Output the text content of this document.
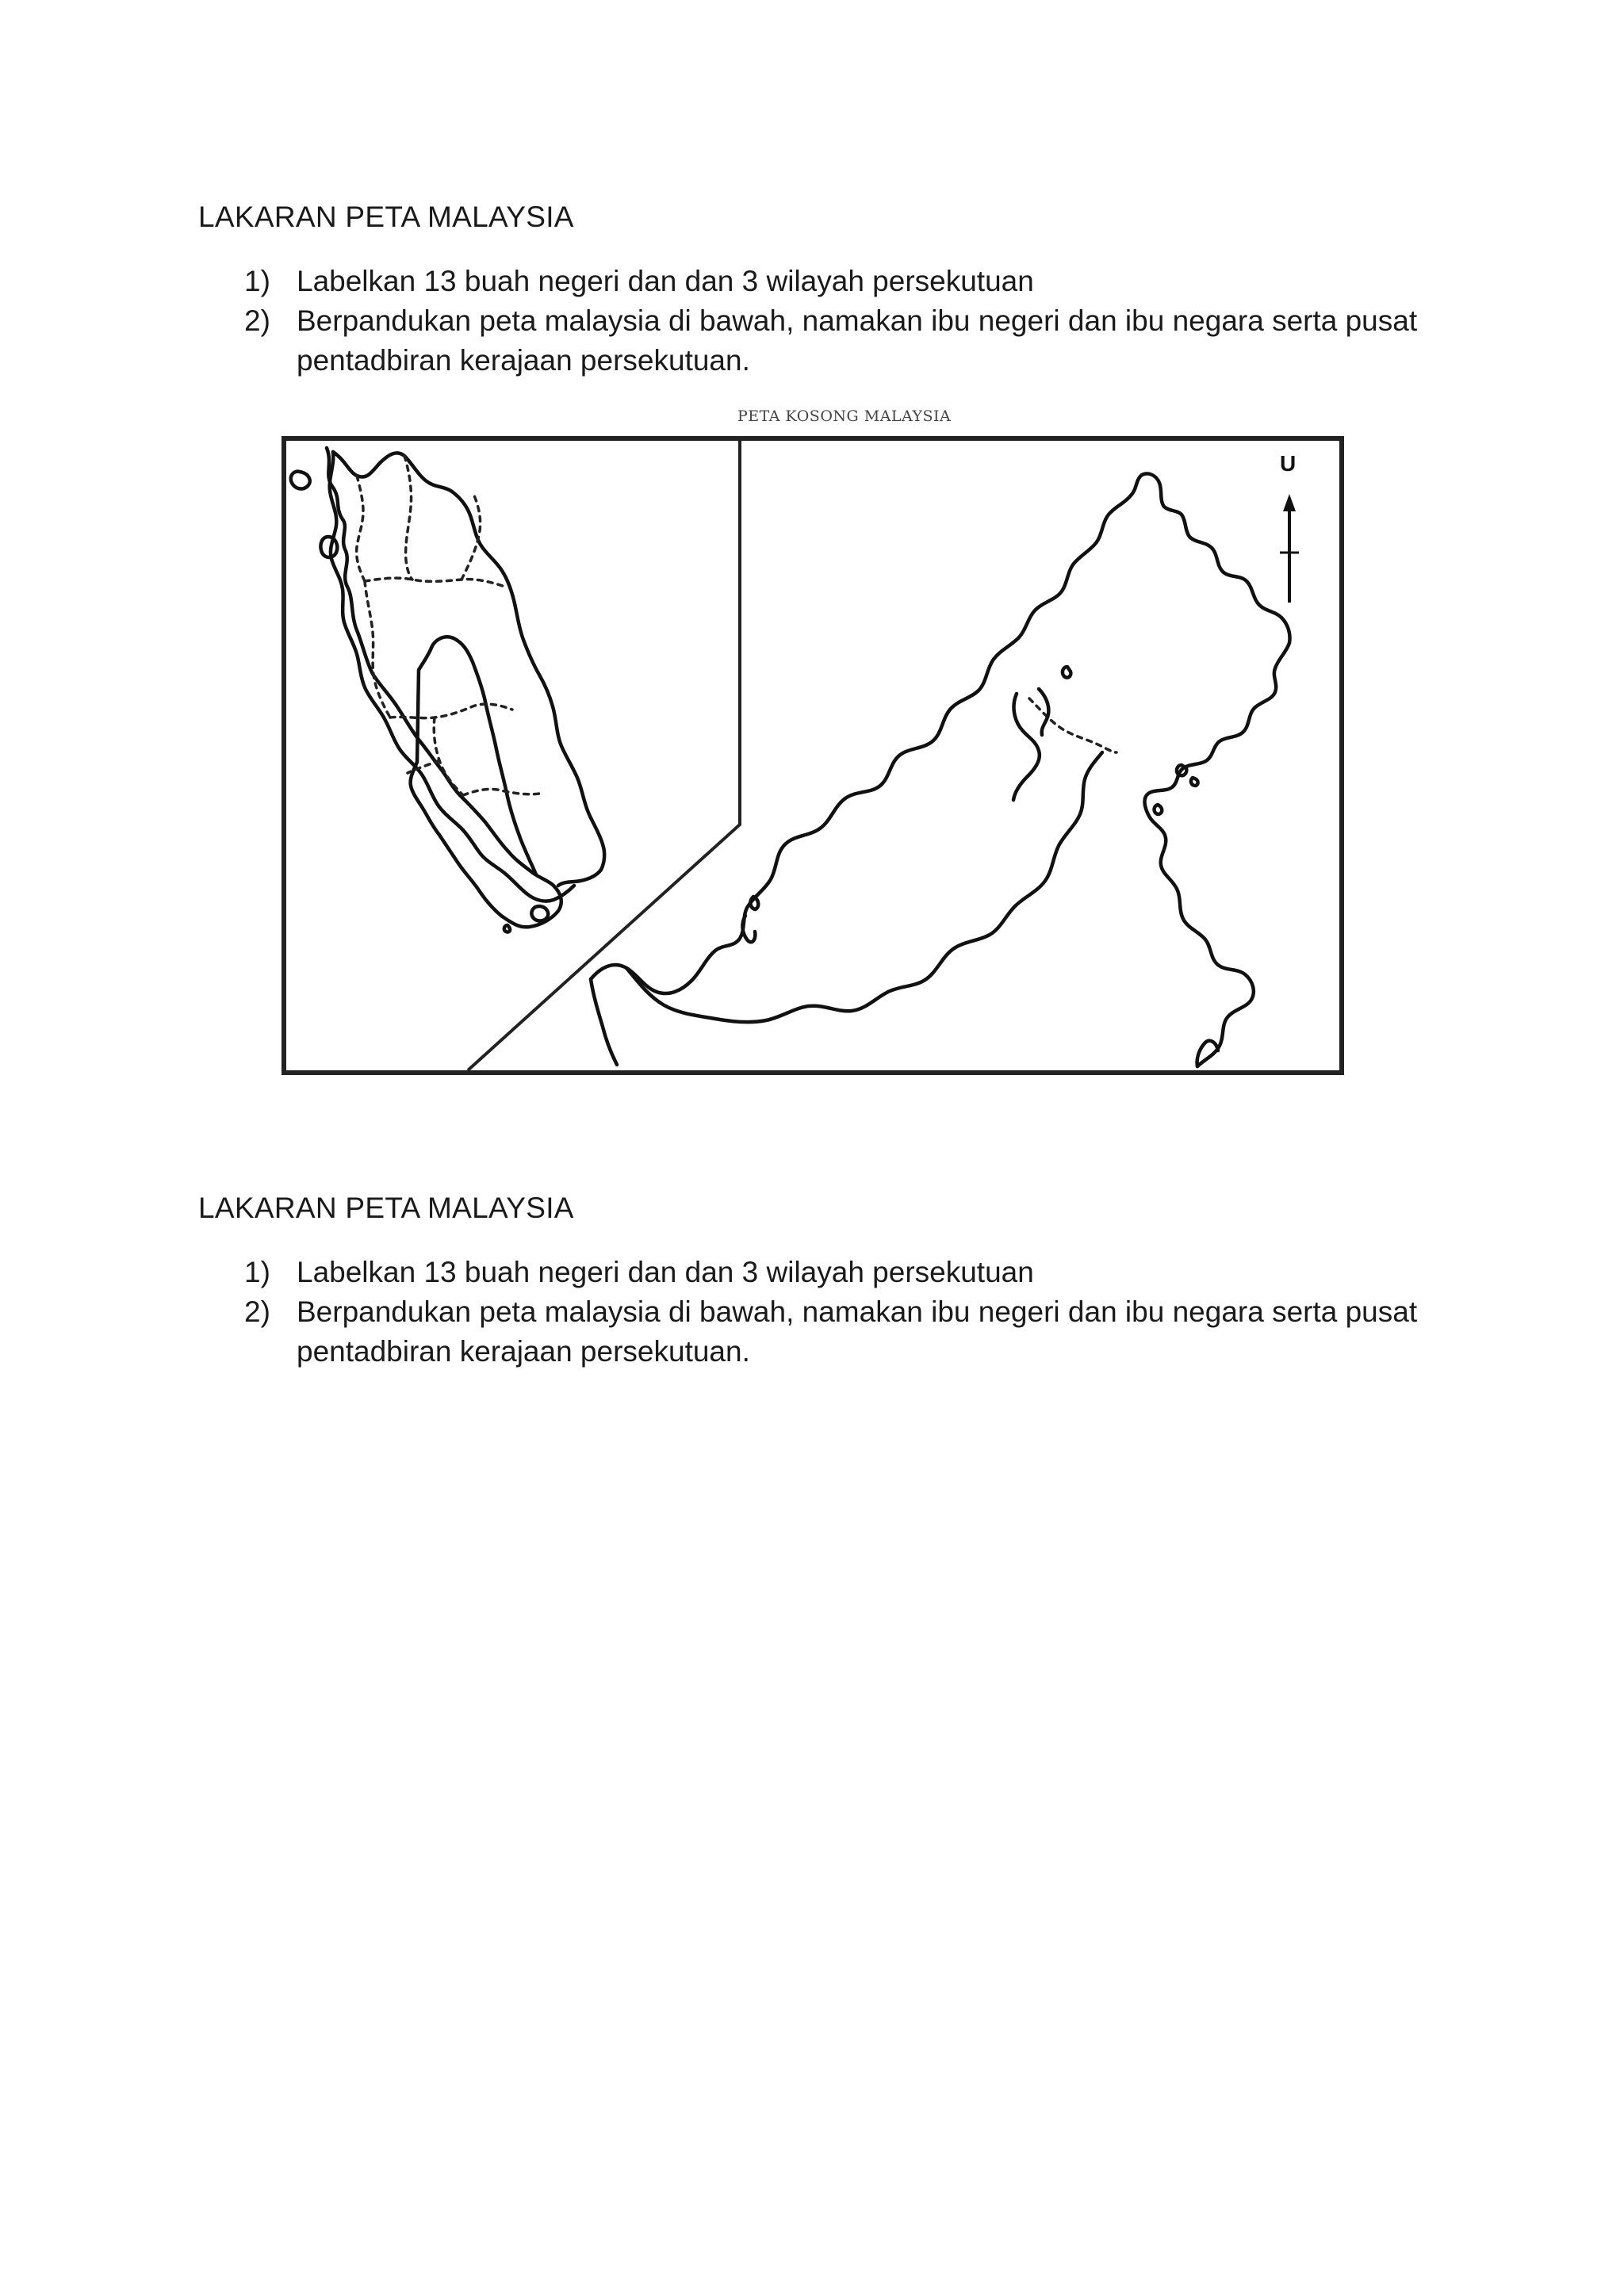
LAKARAN PETA MALAYSIA
1) Labelkan 13 buah negeri dan dan 3 wilayah persekutuan
2) Berpandukan peta malaysia di bawah, namakan ibu negeri dan ibu negara serta pusat pentadbiran kerajaan persekutuan.

PETA KOSONG MALAYSIA

U
LAKARAN PETA MALAYSIA
1) Labelkan 13 buah negeri dan dan 3 wilayah persekutuan
2) Berpandukan peta malaysia di bawah, namakan ibu negeri dan ibu negara serta pusat pentadbiran kerajaan persekutuan.
